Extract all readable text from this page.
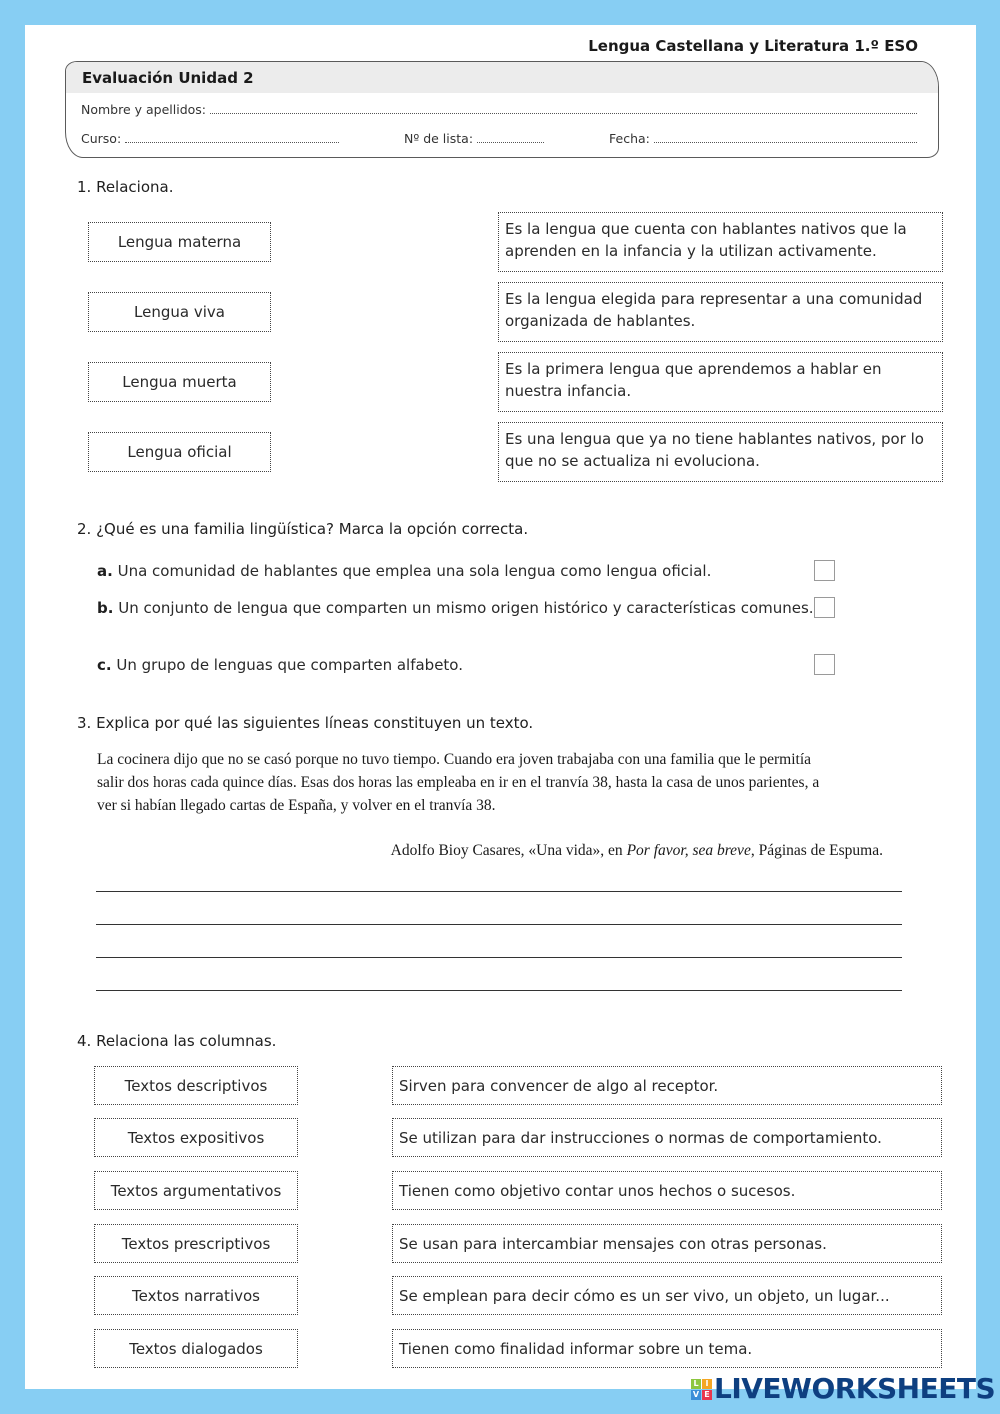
Lengua Castellana y Literatura 1.º ESO
Evaluación Unidad 2
Nombre y apellidos:
Curso:	Nº de lista:	Fecha:
1. Relaciona.
Lengua materna
Lengua viva
Lengua muerta
Lengua oficial
Es la lengua que cuenta con hablantes nativos que la aprenden en la infancia y la utilizan activamente.
Es la lengua elegida para representar a una comunidad organizada de hablantes.
Es la primera lengua que aprendemos a hablar en nuestra infancia.
Es una lengua que ya no tiene hablantes nativos, por lo que no se actualiza ni evoluciona.
2. ¿Qué es una familia lingüística? Marca la opción correcta.
a. Una comunidad de hablantes que emplea una sola lengua como lengua oficial.
b. Un conjunto de lengua que comparten un mismo origen histórico y características comunes.
c. Un grupo de lenguas que comparten alfabeto.
3. Explica por qué las siguientes líneas constituyen un texto.
La cocinera dijo que no se casó porque no tuvo tiempo. Cuando era joven trabajaba con una familia que le permitía
salir dos horas cada quince días. Esas dos horas las empleaba en ir en el tranvía 38, hasta la casa de unos parientes, a
ver si habían llegado cartas de España, y volver en el tranvía 38.
Adolfo Bioy Casares, «Una vida», en Por favor, sea breve, Páginas de Espuma.
4. Relaciona las columnas.
Textos descriptivos
Textos expositivos
Textos argumentativos
Textos prescriptivos
Textos narrativos
Textos dialogados
Sirven para convencer de algo al receptor.
Se utilizan para dar instrucciones o normas de comportamiento.
Tienen como objetivo contar unos hechos o sucesos.
Se usan para intercambiar mensajes con otras personas.
Se emplean para decir cómo es un ser vivo, un objeto, un lugar...
Tienen como finalidad informar sobre un tema.
L I
V E LIVEWORKSHEETS
